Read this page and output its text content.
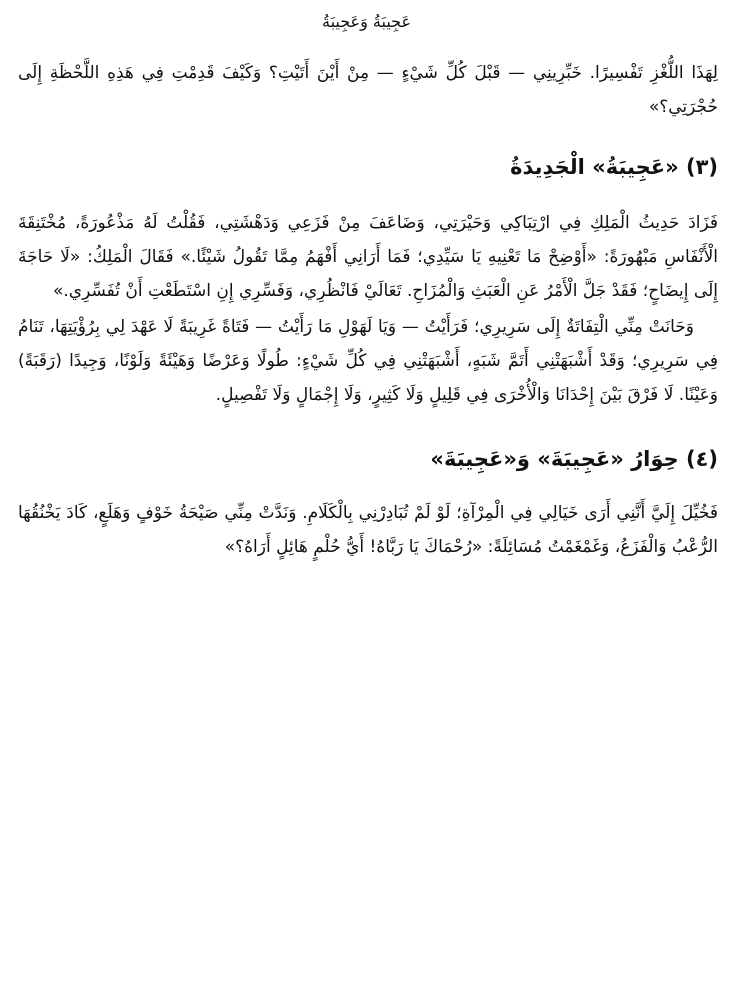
عَجِيبَةُ وَعَجِيبَةُ

لِهَذَا اللُّغْزِ تَفْسِيرًا. خَبِّرِينِي — قَبْلَ كُلِّ شَيْءٍ — مِنْ أَيْنَ أَتَيْتِ؟ وَكَيْفَ قَدِمْتِ فِي هَذِهِ اللَّحْظَةِ إِلَى حُجْرَتِي؟»

(٣) «عَجِيبَةُ» الْجَدِيدَةُ

فَزَادَ حَدِيثُ الْمَلِكِ فِي ارْتِبَاكِي وَحَيْرَتِي، وَضَاعَفَ مِنْ فَزَعِي وَدَهْشَتِي، فَقُلْتُ لَهُ مَذْعُورَةً، مُخْتَنِقَةَ الْأَنْفَاسِ مَبْهُورَةً: «أَوْضِحْ مَا تَعْنِيهِ يَا سَيِّدِي؛ فَمَا أَرَانِي أَفْهَمُ مِمَّا تَقُولُ شَيْئًا.» فَقَالَ الْمَلِكُ: «لَا حَاجَةَ إِلَى إِيضَاحٍ؛ فَقَدْ جَلَّ الْأَمْرُ عَنِ الْعَبَثِ وَالْمُزَاحِ. تَعَالَيْ فَانْظُرِي، وَفَسِّرِي إِنِ اسْتَطَعْتِ أَنْ تُفَسِّرِي.»

وَحَانَتْ مِنِّي الْتِفَاتَةٌ إِلَى سَرِيرِي؛ فَرَأَيْتُ — وَيَا لَهَوْلِ مَا رَأَيْتُ — فَتَاةً غَرِيبَةً لَا عَهْدَ لِي بِرُؤْيَتِهَا، تَنَامُ فِي سَرِيرِي؛ وَقَدْ أَشْبَهَتْنِي أَتَمَّ شَبَهٍ، أَشْبَهَتْنِي فِي كُلِّ شَيْءٍ: طُولًا وَعَرْضًا وَهَيْئَةً وَلَوْنًا، وَجِيدًا (رَقَبَةً) وَعَيْنًا. لَا فَرْقَ بَيْنَ إِحْدَانَا وَالْأُخْرَى فِي قَلِيلٍ وَلَا كَثِيرٍ، وَلَا إِجْمَالٍ وَلَا تَفْصِيلٍ.

(٤) حِوَارُ «عَجِيبَةَ» وَ«عَجِيبَةَ»

فَخُيِّلَ إِلَيَّ أَنَّنِي أَرَى خَيَالِي فِي الْمِرْآةِ؛ لَوْ لَمْ تُبَادِرْنِي بِالْكَلَامِ. وَنَدَّتْ مِنِّي صَيْحَةُ خَوْفٍ وَهَلَعٍ، كَادَ يَخْنُقُهَا الرُّعْبُ وَالْفَزَعُ، وَغَمْغَمْتُ مُسَائِلَةً: «رُحْمَاكَ يَا رَبَّاهُ! أَيُّ حُلْمٍ هَائِلٍ أَرَاهُ؟»
